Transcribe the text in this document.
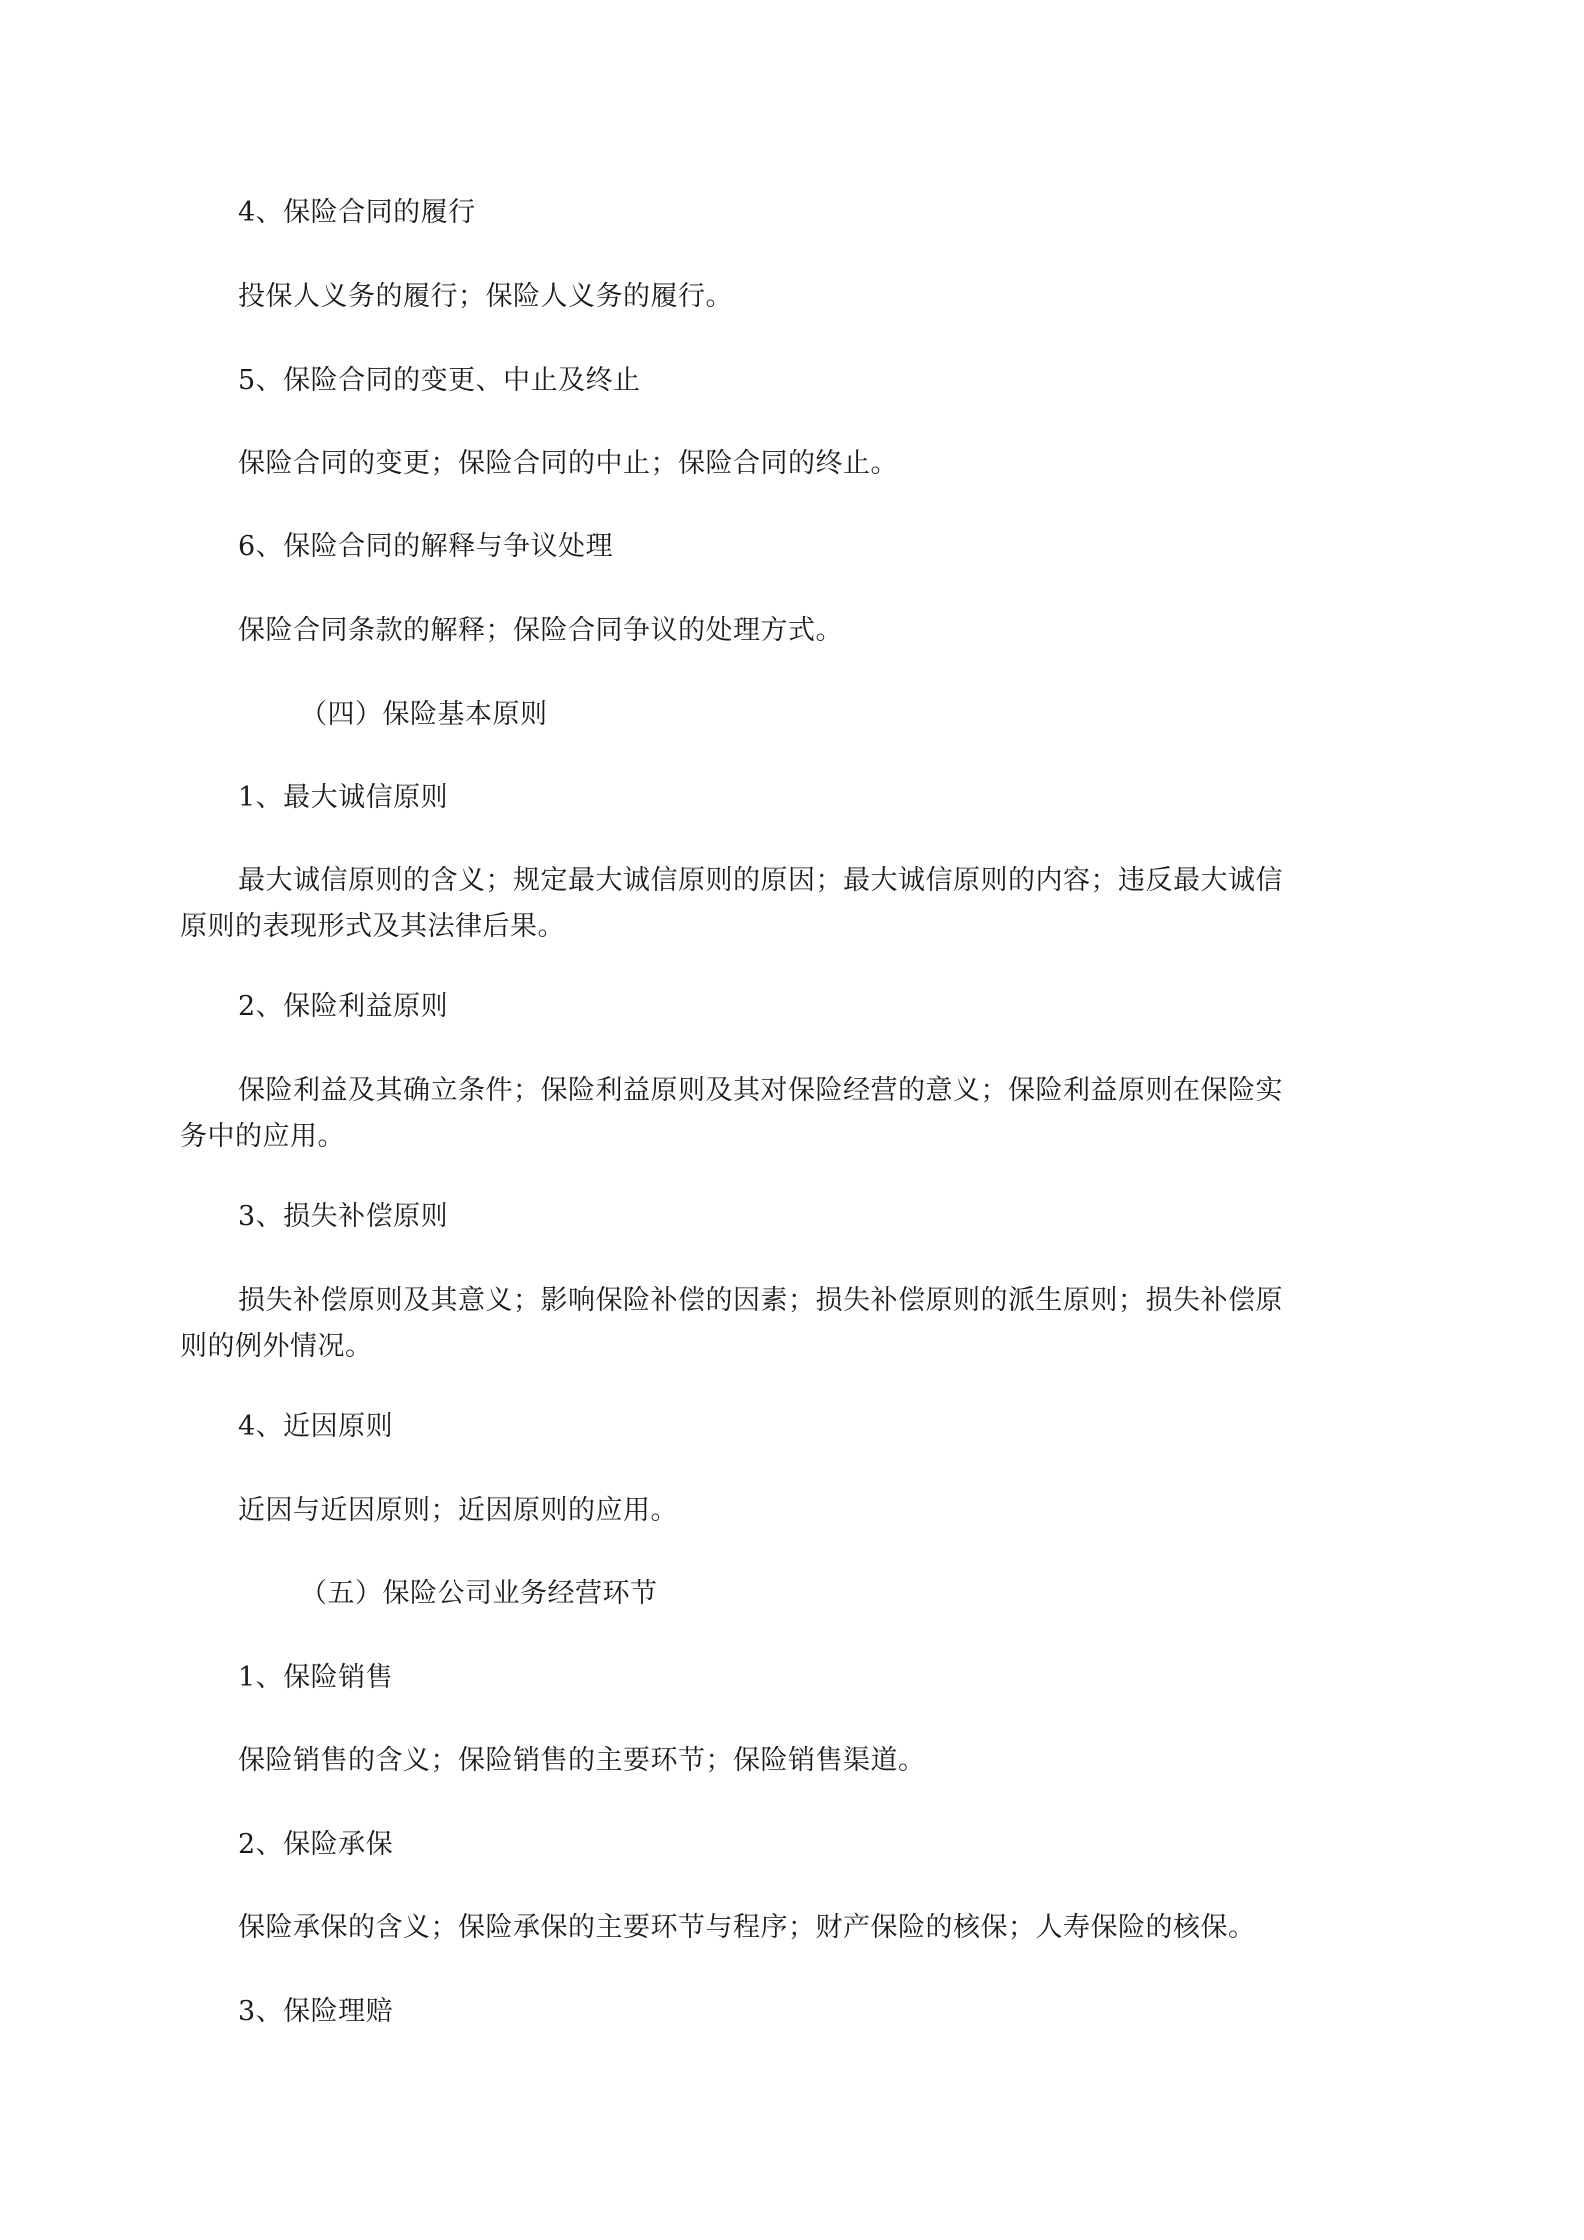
4、保险合同的履行
投保人义务的履行；保险人义务的履行。
5、保险合同的变更、中止及终止
保险合同的变更；保险合同的中止；保险合同的终止。
6、保险合同的解释与争议处理
保险合同条款的解释；保险合同争议的处理方式。
（四）保险基本原则
1、最大诚信原则
最大诚信原则的含义；规定最大诚信原则的原因；最大诚信原则的内容；违反最大诚信原则的表现形式及其法律后果。
2、保险利益原则
保险利益及其确立条件；保险利益原则及其对保险经营的意义；保险利益原则在保险实务中的应用。
3、损失补偿原则
损失补偿原则及其意义；影响保险补偿的因素；损失补偿原则的派生原则；损失补偿原则的例外情况。
4、近因原则
近因与近因原则；近因原则的应用。
（五）保险公司业务经营环节
1、保险销售
保险销售的含义；保险销售的主要环节；保险销售渠道。
2、保险承保
保险承保的含义；保险承保的主要环节与程序；财产保险的核保；人寿保险的核保。
3、保险理赔
